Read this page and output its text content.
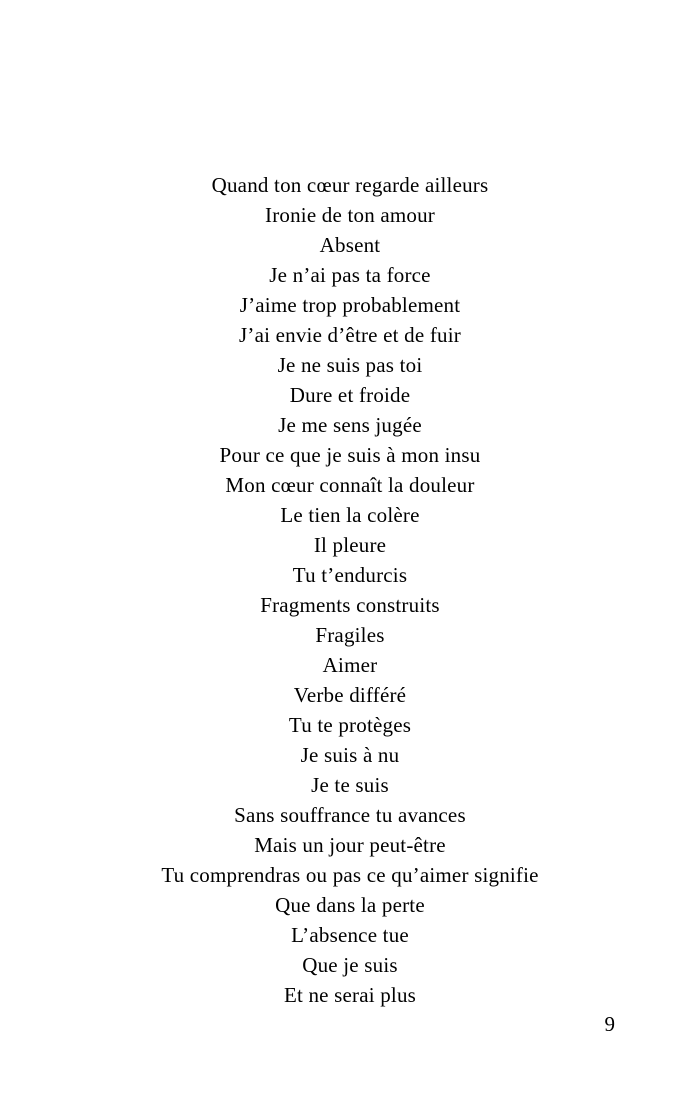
Quand ton cœur regarde ailleurs
Ironie de ton amour
Absent
Je n’ai pas ta force
J’aime trop probablement
J’ai envie d’être et de fuir
Je ne suis pas toi
Dure et froide
Je me sens jugée
Pour ce que je suis à mon insu
Mon cœur connaît la douleur
Le tien la colère
Il pleure
Tu t’endurcis
Fragments construits
Fragiles
Aimer
Verbe différé
Tu te protèges
Je suis à nu
Je te suis
Sans souffrance tu avances
Mais un jour peut-être
Tu comprendras ou pas ce qu’aimer signifie
Que dans la perte
L’absence tue
Que je suis
Et ne serai plus
9
